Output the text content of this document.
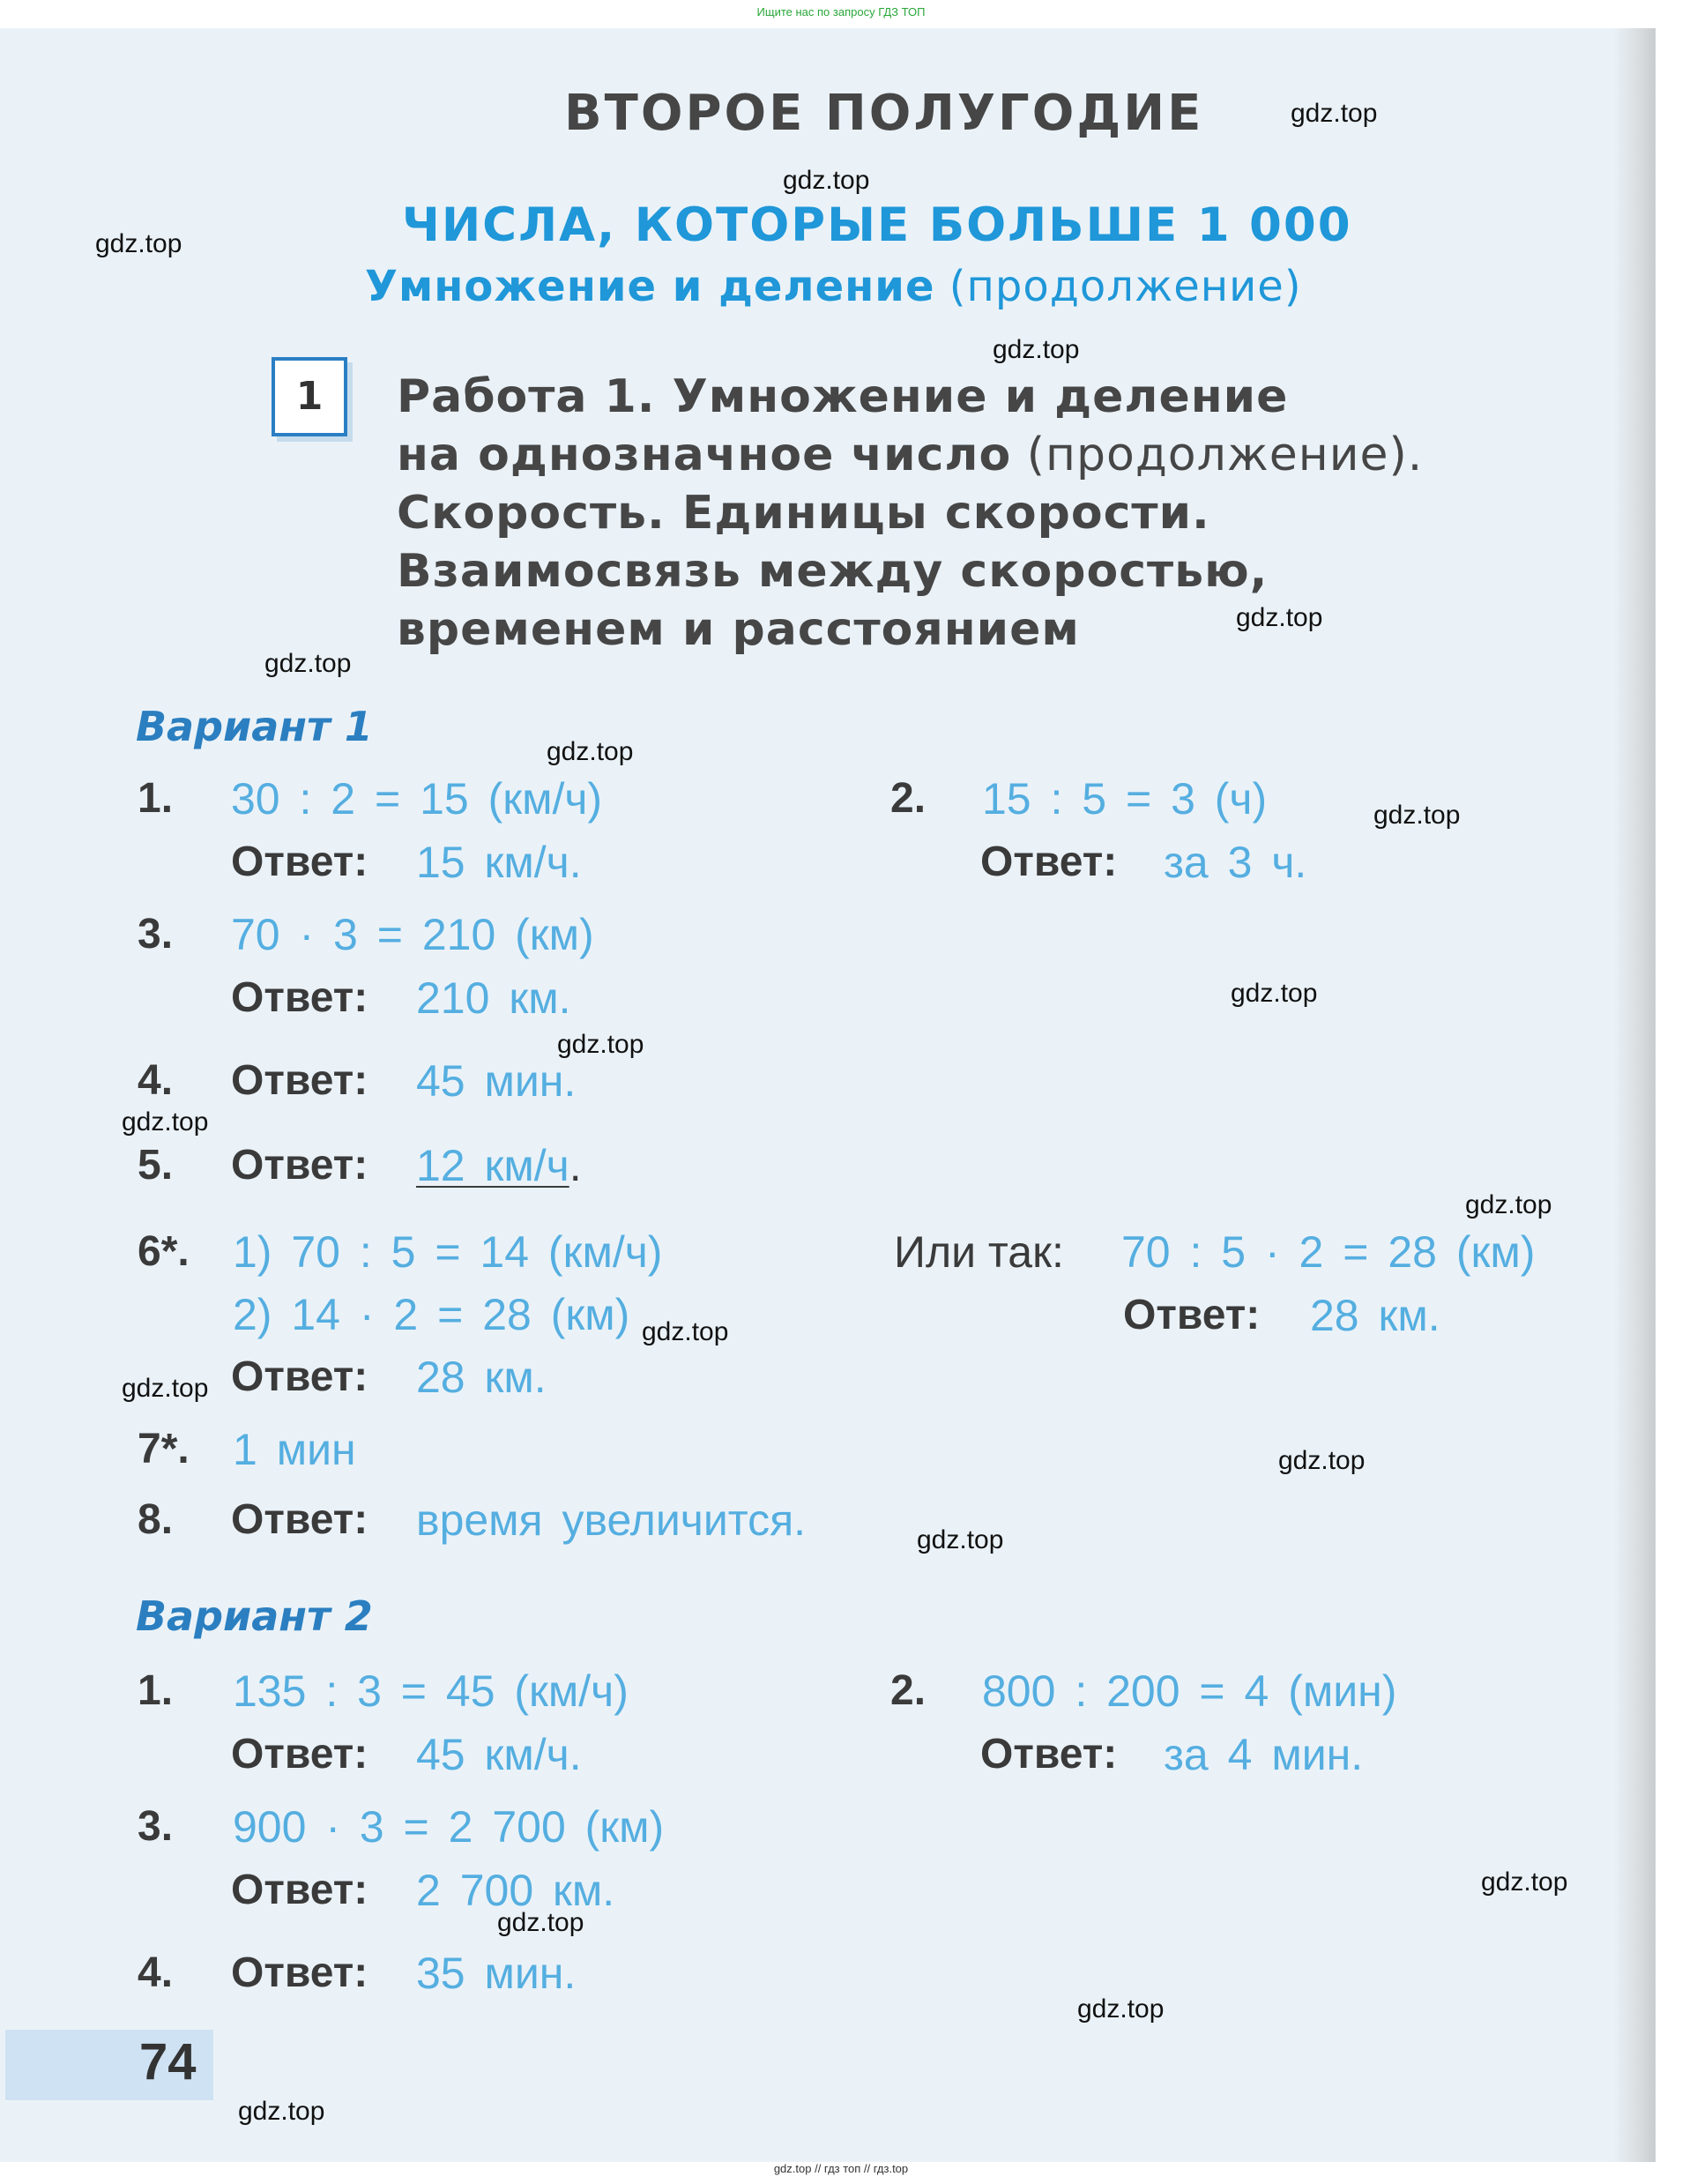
Ищите нас по запросу ГДЗ ТОП
ВТОРОЕ ПОЛУГОДИЕ
ЧИСЛА, КОТОРЫЕ БОЛЬШЕ 1 000
Умножение и деление (продолжение)
1	Работа 1. Умножение и деление
на однозначное число (продолжение).
Скорость. Единицы скорости.
Взаимосвязь между скоростью,
временем и расстоянием
Вариант 1
1. 30 : 2 = 15 (км/ч)
Ответ: 15 км/ч.
2. 15 : 5 = 3 (ч)
Ответ: за 3 ч.
3. 70 · 3 = 210 (км)
Ответ: 210 км.
4. Ответ: 45 мин.
5. Ответ: 12 км/ч.
6*. 1) 70 : 5 = 14 (км/ч)
2) 14 · 2 = 28 (км)
Ответ: 28 км.
Или так: 70 : 5 · 2 = 28 (км)
Ответ: 28 км.
7*. 1 мин
8. Ответ: время увеличится.
Вариант 2
1. 135 : 3 = 45 (км/ч)
Ответ: 45 км/ч.
2. 800 : 200 = 4 (мин)
Ответ: за 4 мин.
3. 900 · 3 = 2 700 (км)
Ответ: 2 700 км.
4. Ответ: 35 мин.
74
gdz.top
gdz.top
gdz.top
gdz.top
gdz.top
gdz.top
gdz.top
gdz.top
gdz.top
gdz.top
gdz.top
gdz.top
gdz.top
gdz.top
gdz.top
gdz.top
gdz.top
gdz.top
gdz.top
gdz.top
gdz.top // гдз топ // гдз.top
